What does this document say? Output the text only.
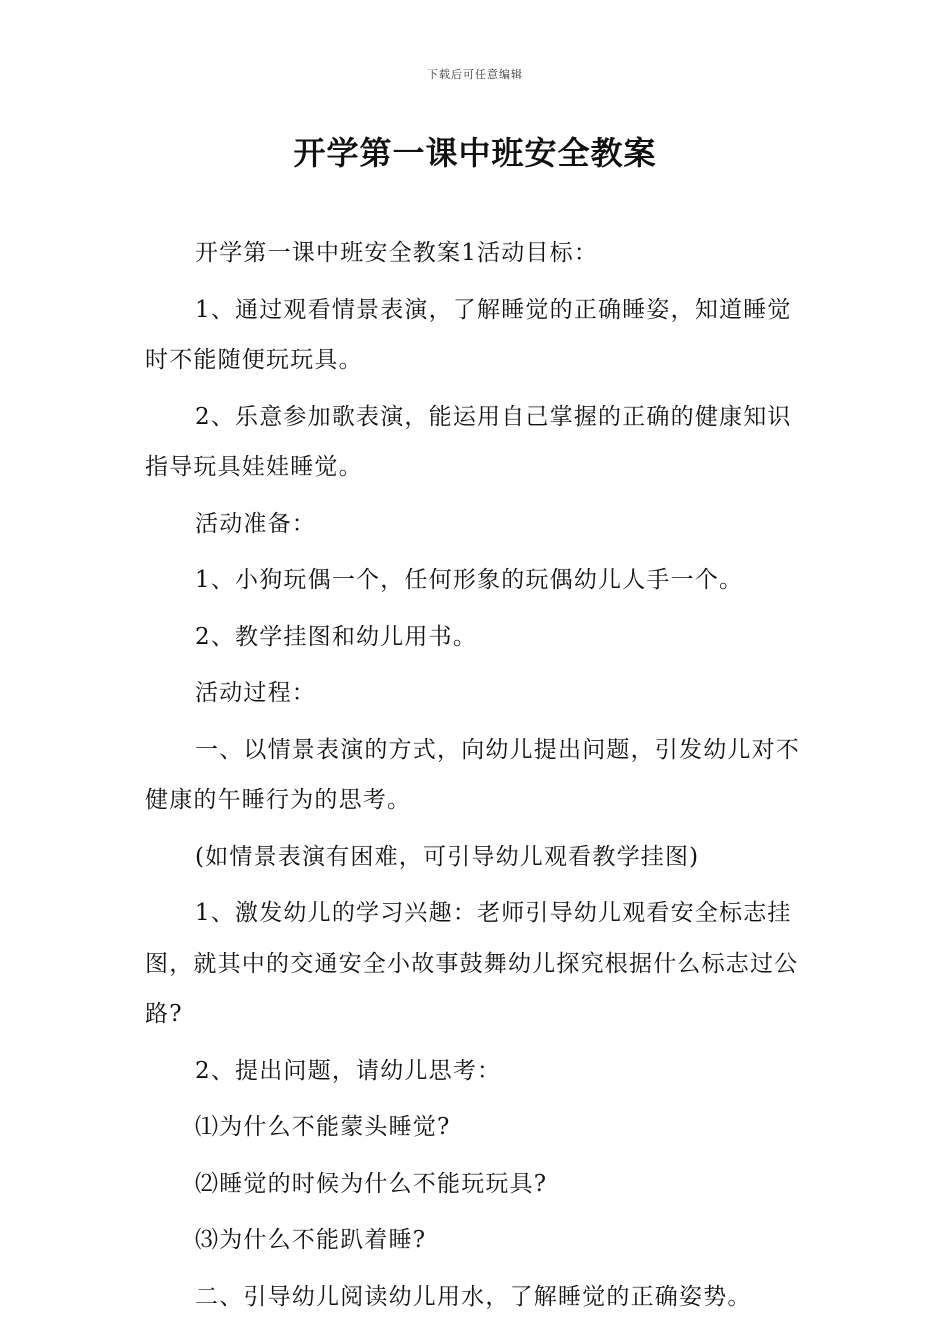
下载后可任意编辑
开学第一课中班安全教案

开学第一课中班安全教案1活动目标：

1、通过观看情景表演，了解睡觉的正确睡姿，知道睡觉时不能随便玩玩具。

2、乐意参加歌表演，能运用自己掌握的正确的健康知识指导玩具娃娃睡觉。

活动准备：

1、小狗玩偶一个，任何形象的玩偶幼儿人手一个。

2、教学挂图和幼儿用书。

活动过程：

一、以情景表演的方式，向幼儿提出问题，引发幼儿对不健康的午睡行为的思考。

(如情景表演有困难，可引导幼儿观看教学挂图)

1、激发幼儿的学习兴趣：老师引导幼儿观看安全标志挂图，就其中的交通安全小故事鼓舞幼儿探究根据什么标志过公路?

2、提出问题，请幼儿思考：

⑴为什么不能蒙头睡觉?

⑵睡觉的时候为什么不能玩玩具?

⑶为什么不能趴着睡?

二、引导幼儿阅读幼儿用水，了解睡觉的正确姿势。
